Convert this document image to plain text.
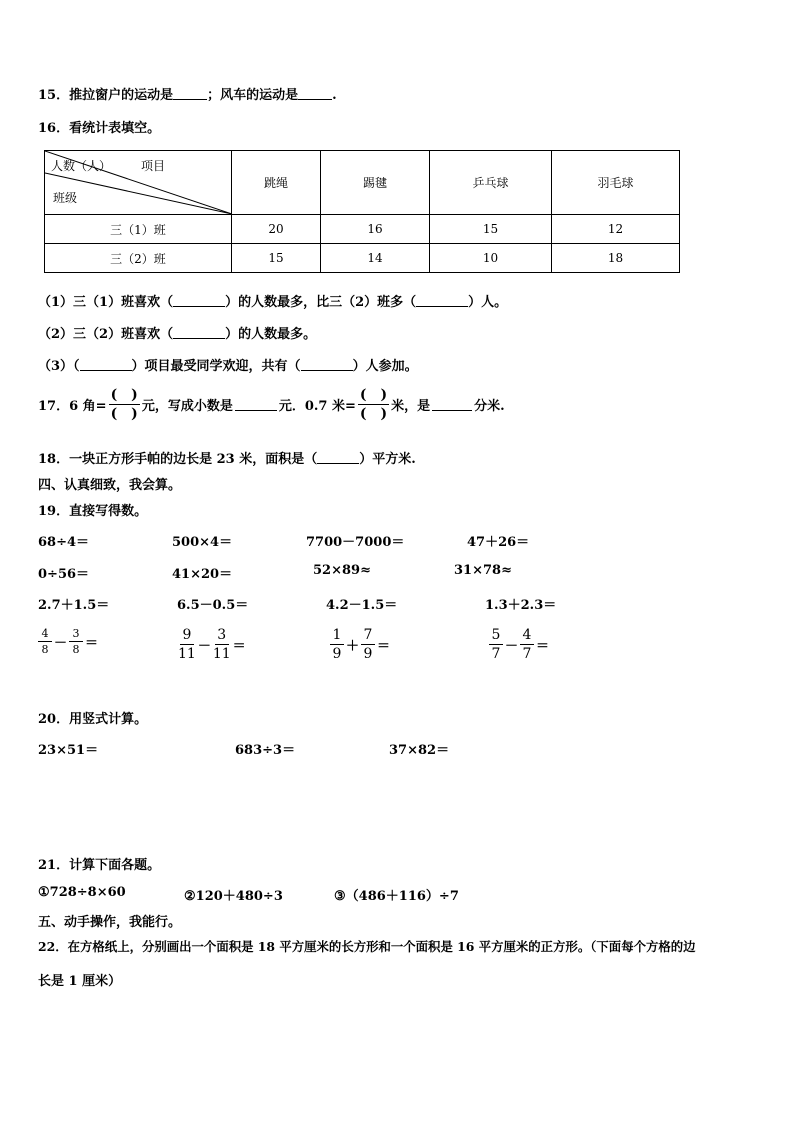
15．推拉窗户的运动是	；风车的运动是	.
16．看统计表填空。
人数（人） 项目
班级	跳绳	踢毽	乒乓球	羽毛球
三（1）班	20	16	15	12
三（2）班	15	14	10	18
（1）三（1）班喜欢（	）的人数最多，比三（2）班多（	）人。
（2）三（2）班喜欢（	）的人数最多。
（3）（	）项目最受同学欢迎，共有（	）人参加。
17．6 角= $\frac{( )}{( )}$ 元，写成小数是	元．0.7 米= $\frac{( )}{( )}$ 米，是	分米.
18．一块正方形手帕的边长是 23 米，面积是（	）平方米.
四、认真细致，我会算。
19．直接写得数。
68÷4＝	500×4＝	7700－7000＝	47＋26＝
0÷56＝	41×20＝	52×89≈	31×78≈
2.7＋1.5＝	6.5－0.5＝	4.2－1.5＝	1.3＋2.3＝
$\frac{4}{8} - \frac{3}{8}$ ＝	$\frac{9}{11} - \frac{3}{11}$ ＝	$\frac{1}{9} + \frac{7}{9}$ ＝	$\frac{5}{7} - \frac{4}{7}$ ＝
20．用竖式计算。
23×51＝	683÷3＝	37×82＝
21．计算下面各题。
①728÷8×60	②120＋480÷3	③（486＋116）÷7
五、动手操作，我能行。
22．在方格纸上，分别画出一个面积是 18 平方厘米的长方形和一个面积是 16 平方厘米的正方形。（下面每个方格的边
长是 1 厘米）
